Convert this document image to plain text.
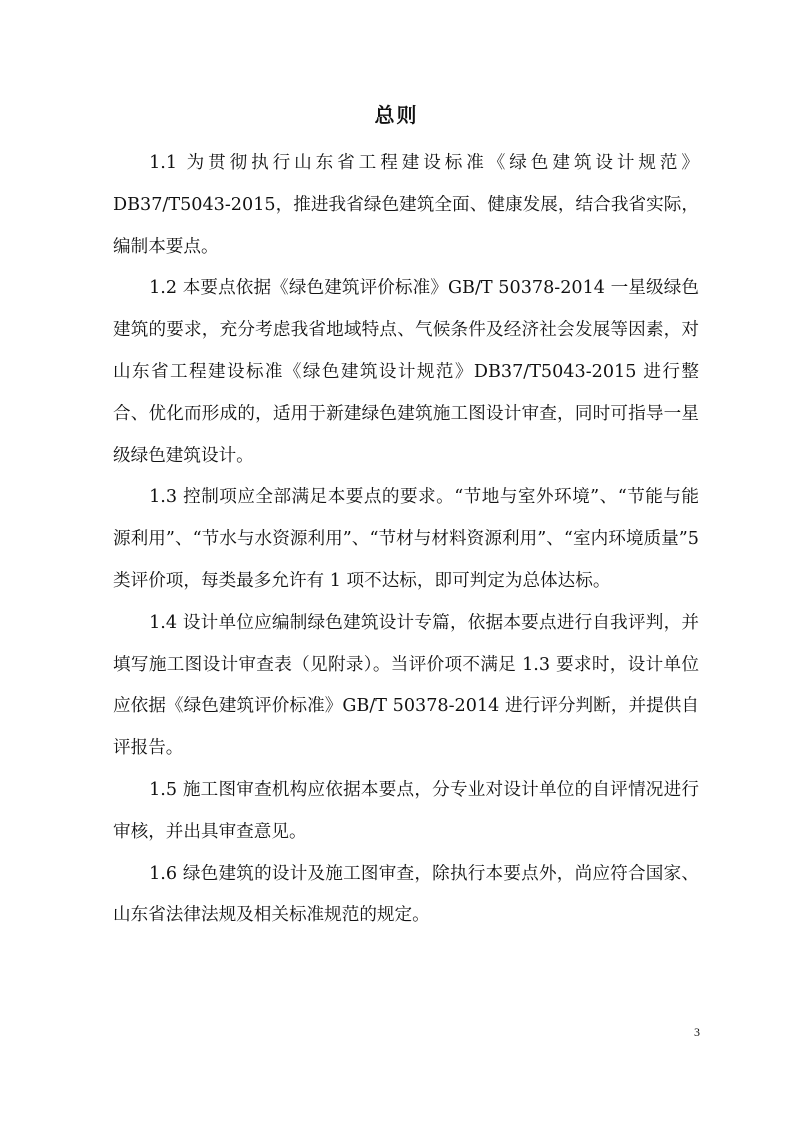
总则

1.1 为贯彻执行山东省工程建设标准《绿色建筑设计规范》DB37/T5043-2015，推进我省绿色建筑全面、健康发展，结合我省实际，编制本要点。

1.2 本要点依据《绿色建筑评价标准》GB/T 50378-2014 一星级绿色建筑的要求，充分考虑我省地域特点、气候条件及经济社会发展等因素，对山东省工程建设标准《绿色建筑设计规范》DB37/T5043-2015 进行整合、优化而形成的，适用于新建绿色建筑施工图设计审查，同时可指导一星级绿色建筑设计。

1.3 控制项应全部满足本要点的要求。“节地与室外环境”、“节能与能源利用”、“节水与水资源利用”、“节材与材料资源利用”、“室内环境质量”5 类评价项，每类最多允许有 1 项不达标，即可判定为总体达标。

1.4 设计单位应编制绿色建筑设计专篇，依据本要点进行自我评判，并填写施工图设计审查表（见附录）。当评价项不满足 1.3 要求时，设计单位应依据《绿色建筑评价标准》GB/T 50378-2014 进行评分判断，并提供自评报告。

1.5 施工图审查机构应依据本要点，分专业对设计单位的自评情况进行审核，并出具审查意见。

1.6 绿色建筑的设计及施工图审查，除执行本要点外，尚应符合国家、山东省法律法规及相关标准规范的规定。

3
